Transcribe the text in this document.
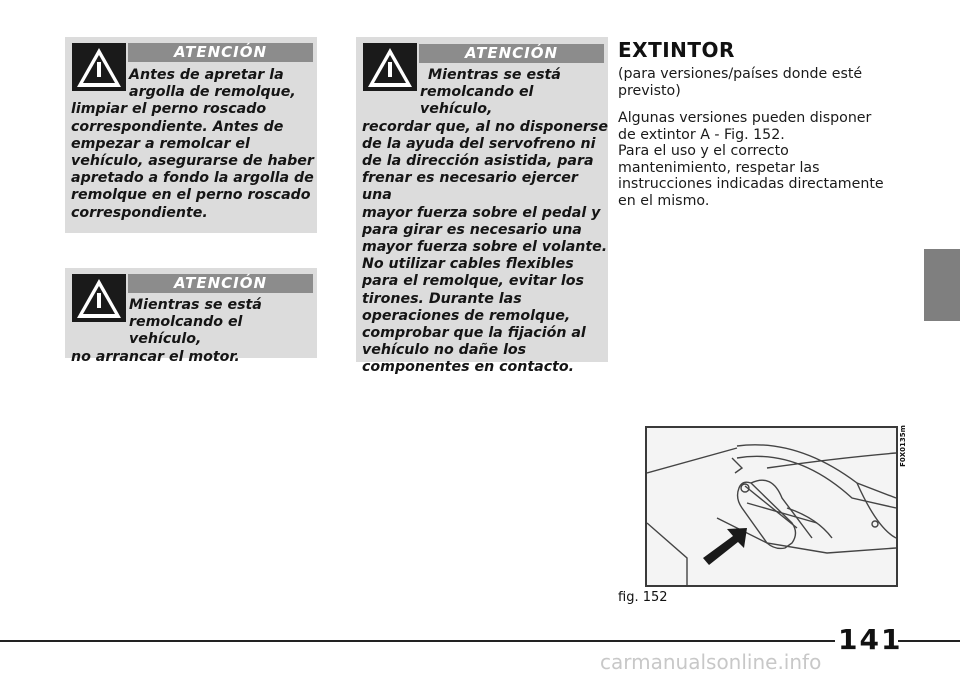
ATENCIÓN
Antes de apretar la
argolla de remolque,
limpiar el perno roscado
correspondiente. Antes de
empezar a remolcar el
vehículo, asegurarse de haber
apretado a fondo la argolla de
remolque en el perno roscado
correspondiente.
ATENCIÓN
Mientras se está
remolcando el vehículo,
no arrancar el motor.
ATENCIÓN
Mientras se está
remolcando el vehículo,
recordar que, al no disponerse
de la ayuda del servofreno ni
de la dirección asistida, para
frenar es necesario ejercer una
mayor fuerza sobre el pedal y
para girar es necesario una
mayor fuerza sobre el volante.
No utilizar cables flexibles
para el remolque, evitar los
tirones. Durante las
operaciones de remolque,
comprobar que la fijación al
vehículo no dañe los
componentes en contacto.
EXTINTOR
(para versiones/países donde esté
previsto)
Algunas versiones pueden disponer
de extintor A - Fig. 152.
Para el uso y el correcto
mantenimiento, respetar las
instrucciones indicadas directamente
en el mismo.
F0X0135m
fig. 152
141
carmanualsonline.info
